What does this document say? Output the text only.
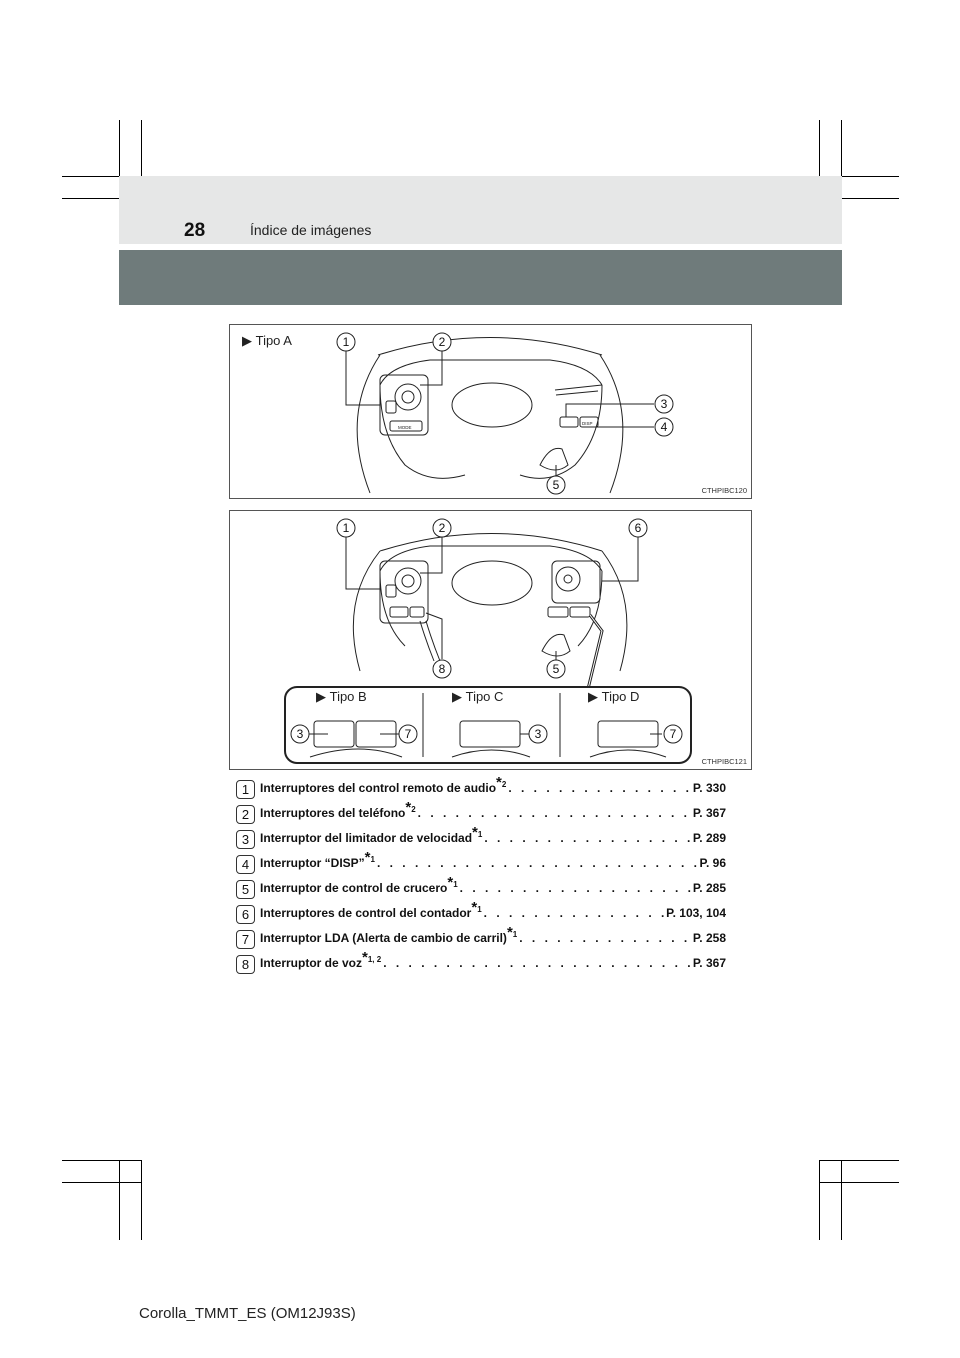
28	Índice de imágenes
MODE
DISP
1	2
3
4
5
▶ Tipo A
CTHPIBC120
1	2	6
8	5
3	7	3	7
▶ Tipo B	▶ Tipo C	▶ Tipo D
CTHPIBC121
1 Interruptores del control remoto de audio$^{*2}$ . . .	P. 330
2 Interruptores del teléfono$^{*2}$ . . .	P. 367
3 Interruptor del limitador de velocidad$^{*1}$ . . .	P. 289
4 Interruptor “DISP”$^{*1}$ . . .	P. 96
5 Interruptor de control de crucero$^{*1}$ . . .	P. 285
6 Interruptores de control del contador$^{*1}$ . . .	P. 103, 104
7 Interruptor LDA (Alerta de cambio de carril)$^{*1}$ . . .	P. 258
8 Interruptor de voz$^{*1, 2}$ . . .	P. 367
Corolla_TMMT_ES (OM12J93S)
